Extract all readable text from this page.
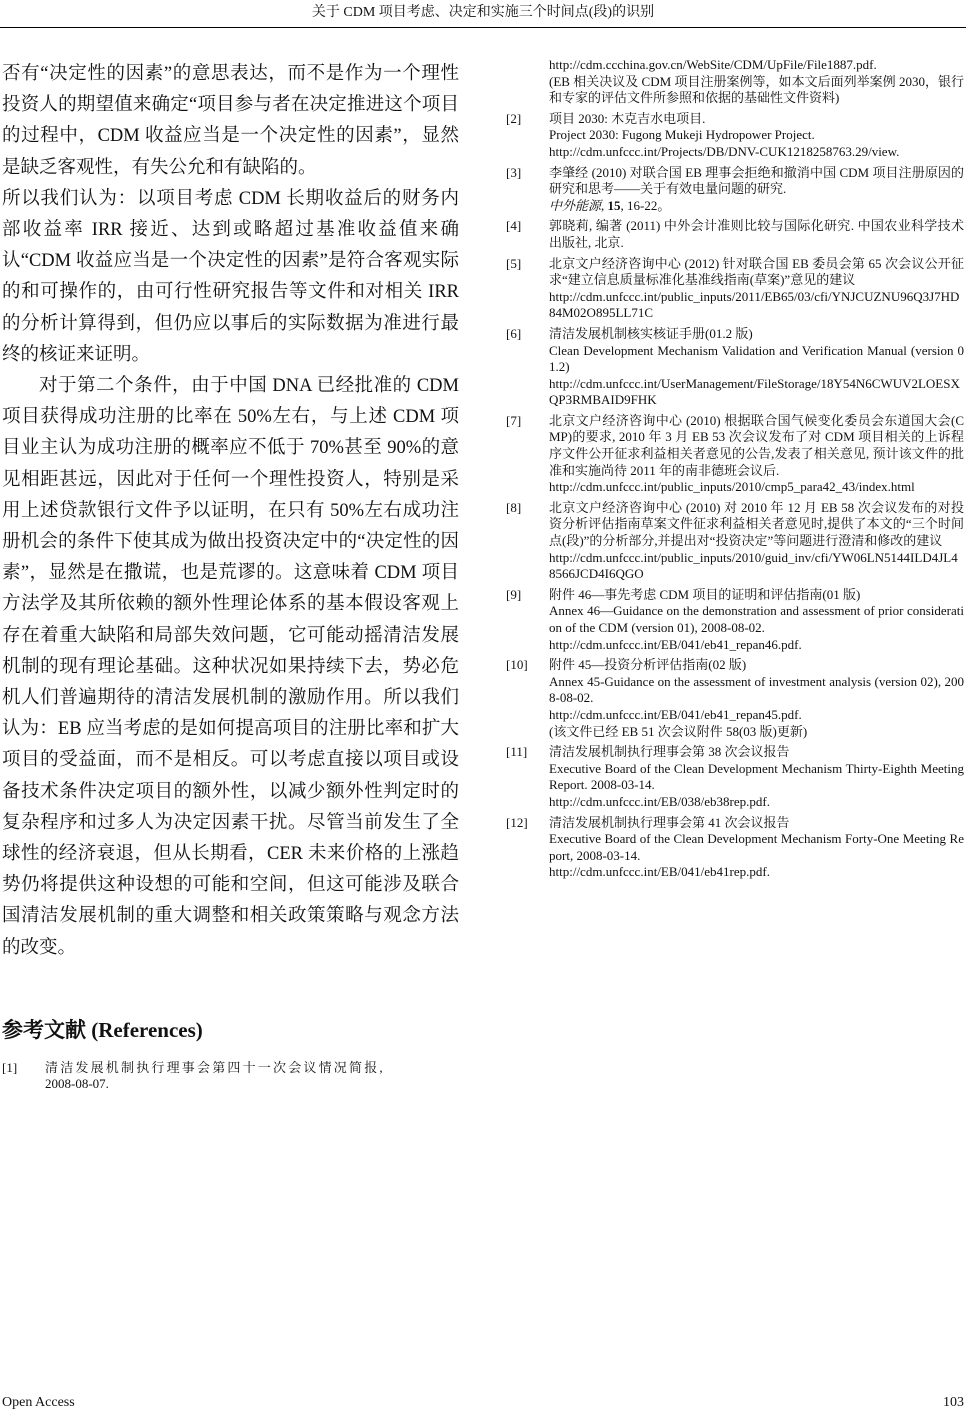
关于 CDM 项目考虑、决定和实施三个时间点(段)的识别

否有“决定性的因素”的意思表达，而不是作为一个理性投资人的期望值来确定“项目参与者在决定推进这个项目的过程中，CDM 收益应当是一个决定性的因素”，显然是缺乏客观性，有失公允和有缺陷的。

所以我们认为：以项目考虑 CDM 长期收益后的财务内部收益率 IRR 接近、达到或略超过基准收益值来确认“CDM 收益应当是一个决定性的因素”是符合客观实际的和可操作的，由可行性研究报告等文件和对相关 IRR 的分析计算得到，但仍应以事后的实际数据为准进行最终的核证来证明。

对于第二个条件，由于中国 DNA 已经批准的 CDM 项目获得成功注册的比率在 50%左右，与上述 CDM 项目业主认为成功注册的概率应不低于 70%甚至 90%的意见相距甚远，因此对于任何一个理性投资人，特别是采用上述贷款银行文件予以证明，在只有 50%左右成功注册机会的条件下使其成为做出投资决定中的“决定性的因素”，显然是在撒谎，也是荒谬的。这意味着 CDM 项目方法学及其所依赖的额外性理论体系的基本假设客观上存在着重大缺陷和局部失效问题，它可能动摇清洁发展机制的现有理论基础。这种状况如果持续下去，势必危机人们普遍期待的清洁发展机制的激励作用。所以我们认为：EB 应当考虑的是如何提高项目的注册比率和扩大项目的受益面，而不是相反。可以考虑直接以项目或设备技术条件决定项目的额外性，以减少额外性判定时的复杂程序和过多人为决定因素干扰。尽管当前发生了全球性的经济衰退，但从长期看，CER 未来价格的上涨趋势仍将提供这种设想的可能和空间，但这可能涉及联合国清洁发展机制的重大调整和相关政策策略与观念方法的改变。

参考文献 (References)
[1]	清洁发展机制执行理事会第四十一次会议情况简报,
2008-08-07.
http://cdm.ccchina.gov.cn/WebSite/CDM/UpFile/File1887.pdf.
(EB 相关决议及 CDM 项目注册案例等，如本文后面列举案例 2030，银行和专家的评估文件所参照和依据的基础性文件资料)
[2]	项目 2030: 木克吉水电项目.
Project 2030: Fugong Mukeji Hydropower Project.
http://cdm.unfccc.int/Projects/DB/DNV-CUK1218258763.29/view.
[3]	李肇经 (2010) 对联合国 EB 理事会拒绝和撤消中国 CDM 项目注册原因的研究和思考——关于有效电量问题的研究.
中外能源, 15, 16-22。
[4]	郭晓莉, 编著 (2011) 中外会计准则比较与国际化研究. 中国农业科学技术出版社, 北京.
[5]	北京文户经济咨询中心 (2012) 针对联合国 EB 委员会第 65 次会议公开征求“建立信息质量标准化基准线指南(草案)”意见的建议
http://cdm.unfccc.int/public_inputs/2011/EB65/03/cfi/YNJCUZNU96Q3J7HD84M02O895LL71C
[6]	清洁发展机制核实核证手册(01.2 版)
Clean Development Mechanism Validation and Verification Manual (version 01.2)
http://cdm.unfccc.int/UserManagement/FileStorage/18Y54N6CWUV2LOESXQP3RMBAID9FHK
[7]	北京文户经济咨询中心 (2010) 根据联合国气候变化委员会东道国大会(CMP)的要求, 2010 年 3 月 EB 53 次会议发布了对 CDM 项目相关的上诉程序文件公开征求利益相关者意见的公告,发表了相关意见, 预计该文件的批准和实施尚待 2011 年的南非德班会议后.
http://cdm.unfccc.int/public_inputs/2010/cmp5_para42_43/index.html
[8]	北京文户经济咨询中心 (2010) 对 2010 年 12 月 EB 58 次会议发布的对投资分析评估指南草案文件征求利益相关者意见时,提供了本文的“三个时间点(段)”的分析部分,并提出对“投资决定”等问题进行澄清和修改的建议
http://cdm.unfccc.int/public_inputs/2010/guid_inv/cfi/YW06LN5144ILD4JL48566JCD4I6QGO
[9]	附件 46—事先考虑 CDM 项目的证明和评估指南(01 版)
Annex 46—Guidance on the demonstration and assessment of prior consideration of the CDM (version 01), 2008-08-02.
http://cdm.unfccc.int/EB/041/eb41_repan46.pdf.
[10]	附件 45—投资分析评估指南(02 版)
Annex 45-Guidance on the assessment of investment analysis (version 02), 2008-08-02.
http://cdm.unfccc.int/EB/041/eb41_repan45.pdf.
(该文件已经 EB 51 次会议附件 58(03 版)更新)
[11]	清洁发展机制执行理事会第 38 次会议报告
Executive Board of the Clean Development Mechanism Thirty-Eighth Meeting Report. 2008-03-14.
http://cdm.unfccc.int/EB/038/eb38rep.pdf.
[12]	清洁发展机制执行理事会第 41 次会议报告
Executive Board of the Clean Development Mechanism Forty-One Meeting Report, 2008-03-14.
http://cdm.unfccc.int/EB/041/eb41rep.pdf.
Open Access	103
